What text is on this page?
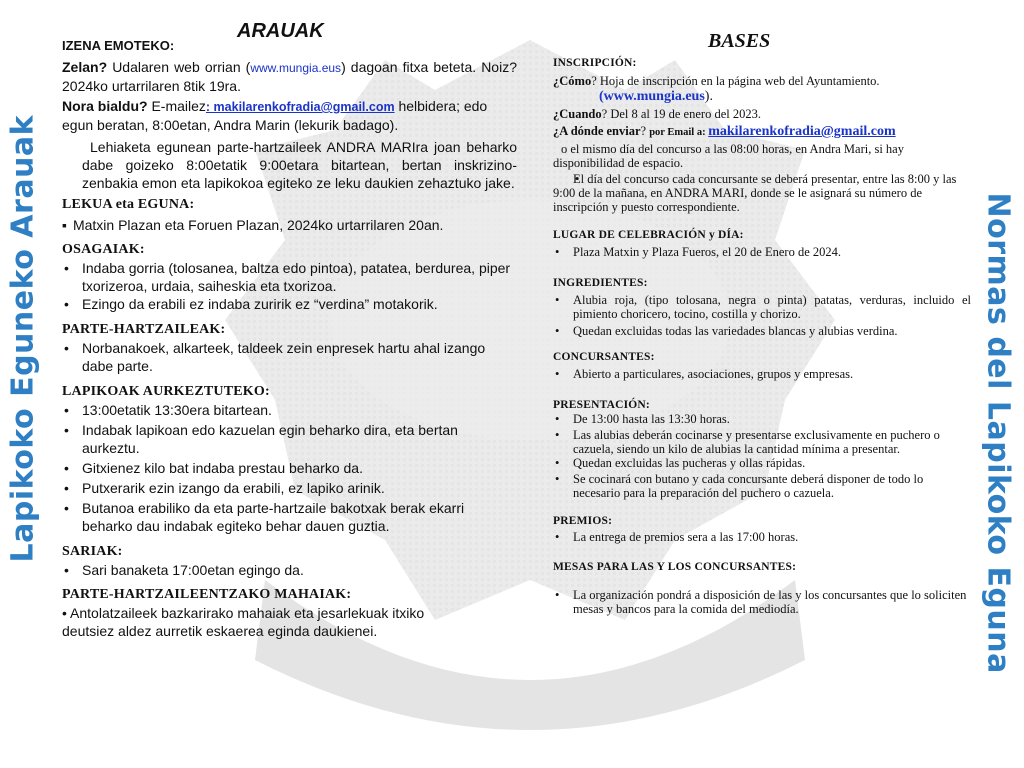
Lapikoko Eguneko Arauak	Normas del Lapikoko Eguna
ARAUAK	BASES
IZENA EMOTEKO:

Zelan? Udalaren web orrian (www.mungia.eus) dagoan fitxa beteta. Noiz? 2024ko urtarrilaren 8tik 19ra.

Nora bialdu? E-mailez: makilarenkofradia@gmail.com helbidera; edo egun beratan, 8:00etan, Andra Marin (lekurik badago).

Lehiaketa egunean parte-hartzaileek ANDRA MARIra joan beharko dabe goizeko 8:00etatik 9:00etara bitartean, bertan inskrizino-zenbakia emon eta lapikokoa egiteko ze leku daukien zehaztuko jake.

LEKUA eta EGUNA:
▪ Matxin Plazan eta Foruen Plazan, 2024ko urtarrilaren 20an.
OSAGAIAK:
• Indaba gorria (tolosanea, baltza edo pintoa), patatea, berdurea, piper txorizeroa, urdaia, saiheskia eta txorizoa.
• Ezingo da erabili ez indaba zuririk ez “verdina” motakorik.
PARTE-HARTZAILEAK:
• Norbanakoek, alkarteek, taldeek zein enpresek hartu ahal izango dabe parte.
LAPIKOAK AURKEZTUTEKO:
• 13:00etatik 13:30era bitartean.
• Indabak lapikoan edo kazuelan egin beharko dira, eta bertan aurkeztu.
• Gitxienez kilo bat indaba prestau beharko da.
• Putxerarik ezin izango da erabili, ez lapiko arinik.
• Butanoa erabiliko da eta parte-hartzaile bakotxak berak ekarri beharko dau indabak egiteko behar dauen guztia.
SARIAK:
• Sari banaketa 17:00etan egingo da.
PARTE-HARTZAILEENTZAKO MAHAIAK:

• Antolatzaileek bazkarirako mahaiak eta jesarlekuak itxiko deutsiez aldez aurretik eskaerea eginda daukienei.

INSCRIPCIÓN:

¿Cómo? Hoja de inscripción en la página web del Ayuntamiento.

(www.mungia.eus).

¿Cuando? Del 8 al 19 de enero del 2023.

¿A dónde enviar? por Email a: makilarenkofradia@gmail.com

o el mismo día del concurso a las 08:00 horas, en Andra Mari, si hay disponibilidad de espacio.

• El día del concurso cada concursante se deberá presentar, entre las 8:00 y las 9:00 de la mañana, en ANDRA MARI, donde se le asignará su número de inscripción y puesto correspondiente.
LUGAR DE CELEBRACIÓN y DÍA:
• Plaza Matxin y Plaza Fueros, el 20 de Enero de 2024.
INGREDIENTES:
• Alubia roja, (tipo tolosana, negra o pinta) patatas, verduras, incluido el pimiento choricero, tocino, costilla y chorizo.
• Quedan excluidas todas las variedades blancas y alubias verdina.
CONCURSANTES:
• Abierto a particulares, asociaciones, grupos y empresas.
PRESENTACIÓN:
• De 13:00 hasta las 13:30 horas.
• Las alubias deberán cocinarse y presentarse exclusivamente en puchero o cazuela, siendo un kilo de alubias la cantidad mínima a presentar.
• Quedan excluidas las pucheras y ollas rápidas.
• Se cocinará con butano y cada concursante deberá disponer de todo lo necesario para la preparación del puchero o cazuela.
PREMIOS:
• La entrega de premios sera a las 17:00 horas.
MESAS PARA LAS Y LOS CONCURSANTES:
• La organización pondrá a disposición de las y los concursantes que lo soliciten mesas y bancos para la comida del mediodía.
